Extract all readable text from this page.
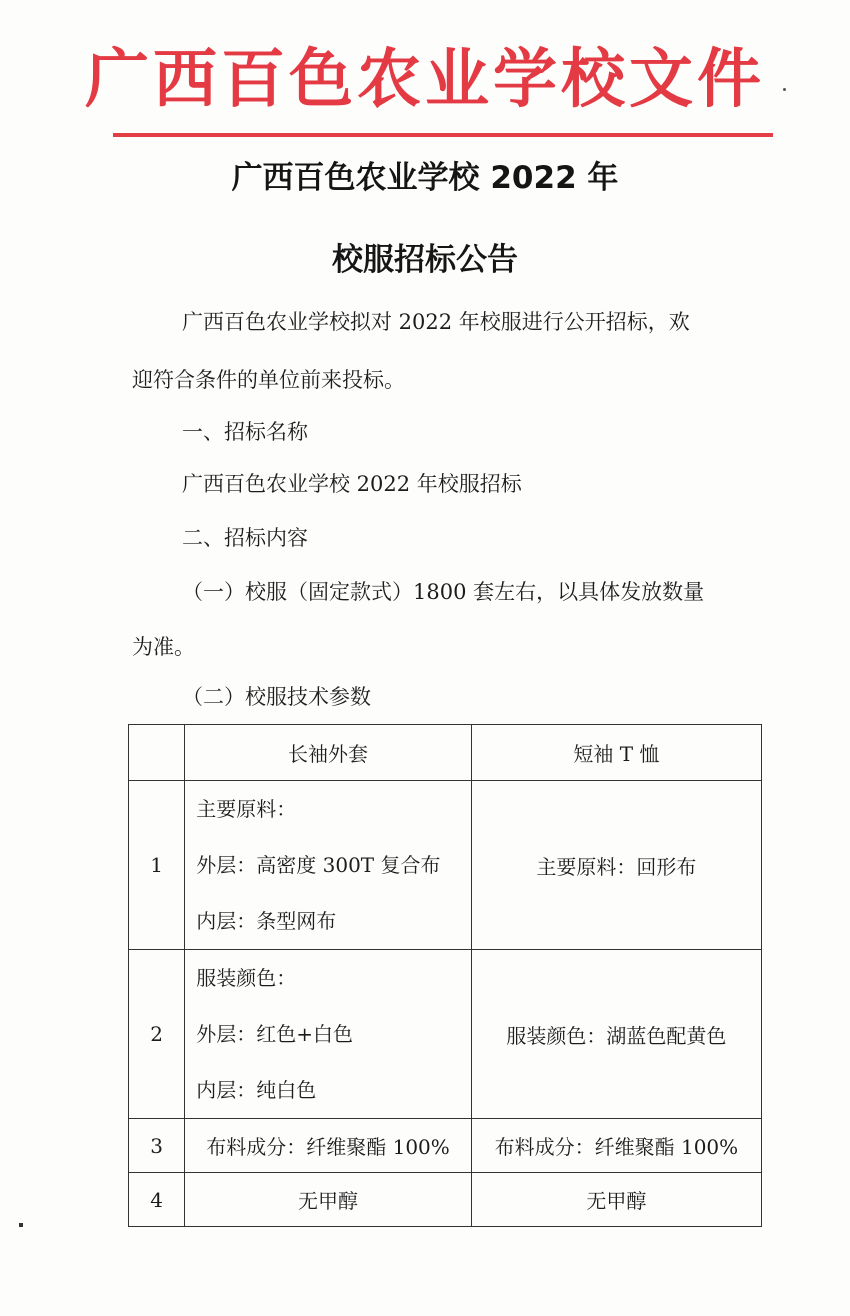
广西百色农业学校文件
广西百色农业学校 2022 年
校服招标公告
广西百色农业学校拟对 2022 年校服进行公开招标，欢
迎符合条件的单位前来投标。
一、招标名称
广西百色农业学校 2022 年校服招标
二、招标内容
（一）校服（固定款式）1800 套左右，以具体发放数量
为准。
（二）校服技术参数
	长袖外套	短袖 T 恤
1	主要原料：
外层：高密度 300T 复合布
内层：条型网布	主要原料：回形布
2	服装颜色：
外层：红色+白色
内层：纯白色	服装颜色：湖蓝色配黄色
3	布料成分：纤维聚酯 100%	布料成分：纤维聚酯 100%
4	无甲醇	无甲醇
